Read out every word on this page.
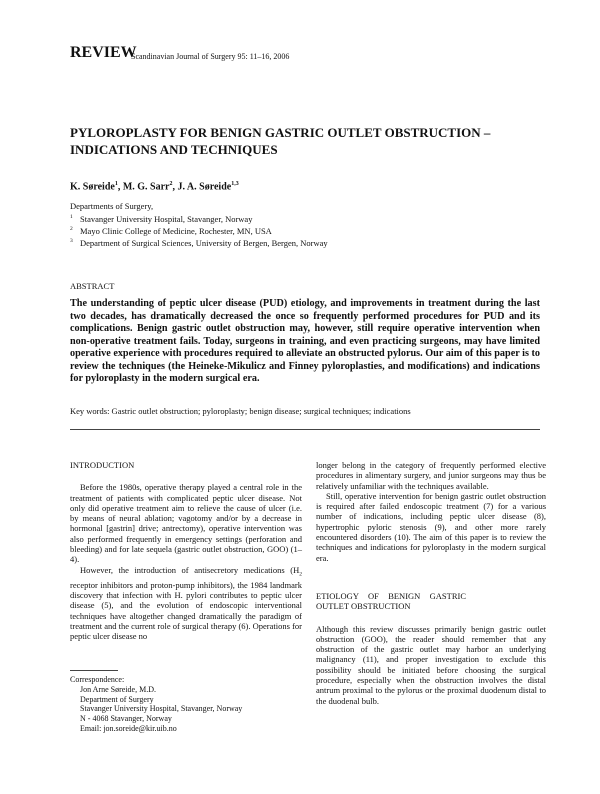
REVIEW
Scandinavian Journal of Surgery 95: 11–16, 2006
PYLOROPLASTY FOR BENIGN GASTRIC OUTLET OBSTRUCTION – INDICATIONS AND TECHNIQUES
K. Søreide$^1$, M. G. Sarr$^2$, J. A. Søreide$^{1,3}$
Departments of Surgery,
$^1$ Stavanger University Hospital, Stavanger, Norway
$^2$ Mayo Clinic College of Medicine, Rochester, MN, USA
$^3$ Department of Surgical Sciences, University of Bergen, Bergen, Norway
ABSTRACT
The understanding of peptic ulcer disease (PUD) etiology, and improvements in treatment during the last two decades, has dramatically decreased the once so frequently performed procedures for PUD and its complications. Benign gastric outlet obstruction may, however, still require operative intervention when non-operative treatment fails. Today, surgeons in training, and even practicing surgeons, may have limited operative experience with procedures required to alleviate an obstructed pylorus. Our aim of this paper is to review the techniques (the Heineke-Mikulicz and Finney pyloroplasties, and modifications) and indications for pyloroplasty in the modern surgical era.
Key words: Gastric outlet obstruction; pyloroplasty; benign disease; surgical techniques; indications

INTRODUCTION

Before the 1980s, operative therapy played a central role in the treatment of patients with complicated peptic ulcer disease. Not only did operative treatment aim to relieve the cause of ulcer (i.e. by means of neural ablation; vagotomy and/or by a decrease in hormonal [gastrin] drive; antrectomy), operative intervention was also performed frequently in emergency settings (perforation and bleeding) and for late sequela (gastric outlet obstruction, GOO) (1–4).

However, the introduction of antisecretory medications ($H_2$ receptor inhibitors and proton-pump inhibitors), the 1984 landmark discovery that infection with H. pylori contributes to peptic ulcer disease (5), and the evolution of endoscopic interventional techniques have altogether changed dramatically the paradigm of treatment and the current role of surgical therapy (6). Operations for peptic ulcer disease no

longer belong in the category of frequently performed elective procedures in alimentary surgery, and junior surgeons may thus be relatively unfamiliar with the techniques available.

Still, operative intervention for benign gastric outlet obstruction is required after failed endoscopic treatment (7) for a various number of indications, including peptic ulcer disease (8), hypertrophic pyloric stenosis (9), and other more rarely encountered disorders (10). The aim of this paper is to review the techniques and indications for pyloroplasty in the modern surgical era.

ETIOLOGY OF BENIGN GASTRIC OUTLET OBSTRUCTION

Although this review discusses primarily benign gastric outlet obstruction (GOO), the reader should remember that any obstruction of the gastric outlet may harbor an underlying malignancy (11), and proper investigation to exclude this possibility should be initiated before choosing the surgical procedure, especially when the obstruction involves the distal antrum proximal to the pylorus or the proximal duodenum distal to the duodenal bulb.

Correspondence:
Jon Arne Søreide, M.D.
Department of Surgery
Stavanger University Hospital, Stavanger, Norway
N - 4068 Stavanger, Norway
Email: jon.soreide@kir.uib.no
